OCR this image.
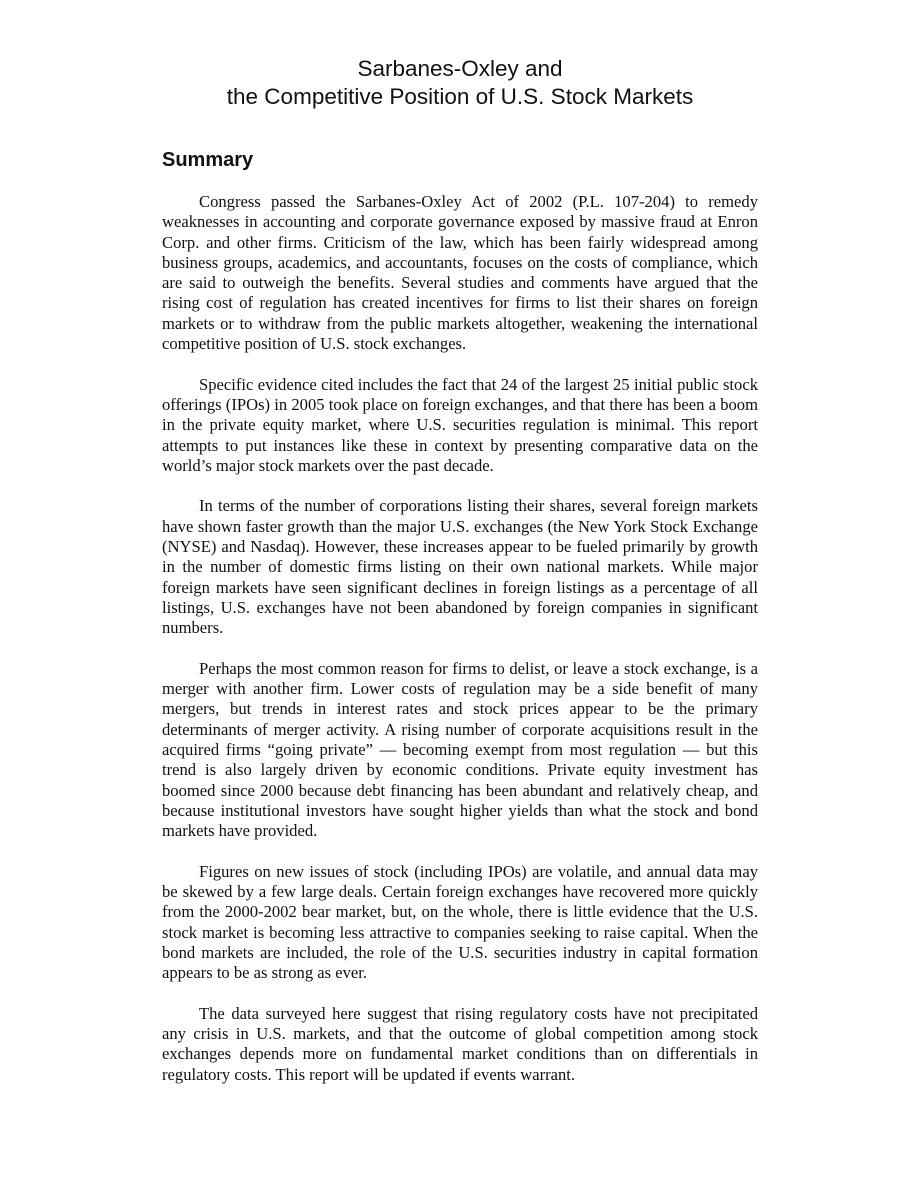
Sarbanes-Oxley and
the Competitive Position of U.S. Stock Markets
Summary

Congress passed the Sarbanes-Oxley Act of 2002 (P.L. 107-204) to remedy weaknesses in accounting and corporate governance exposed by massive fraud at Enron Corp. and other firms. Criticism of the law, which has been fairly widespread among business groups, academics, and accountants, focuses on the costs of compliance, which are said to outweigh the benefits. Several studies and comments have argued that the rising cost of regulation has created incentives for firms to list their shares on foreign markets or to withdraw from the public markets altogether, weakening the international competitive position of U.S. stock exchanges.

Specific evidence cited includes the fact that 24 of the largest 25 initial public stock offerings (IPOs) in 2005 took place on foreign exchanges, and that there has been a boom in the private equity market, where U.S. securities regulation is minimal. This report attempts to put instances like these in context by presenting comparative data on the world’s major stock markets over the past decade.

In terms of the number of corporations listing their shares, several foreign markets have shown faster growth than the major U.S. exchanges (the New York Stock Exchange (NYSE) and Nasdaq). However, these increases appear to be fueled primarily by growth in the number of domestic firms listing on their own national markets. While major foreign markets have seen significant declines in foreign listings as a percentage of all listings, U.S. exchanges have not been abandoned by foreign companies in significant numbers.

Perhaps the most common reason for firms to delist, or leave a stock exchange, is a merger with another firm. Lower costs of regulation may be a side benefit of many mergers, but trends in interest rates and stock prices appear to be the primary determinants of merger activity. A rising number of corporate acquisitions result in the acquired firms “going private” — becoming exempt from most regulation — but this trend is also largely driven by economic conditions. Private equity investment has boomed since 2000 because debt financing has been abundant and relatively cheap, and because institutional investors have sought higher yields than what the stock and bond markets have provided.

Figures on new issues of stock (including IPOs) are volatile, and annual data may be skewed by a few large deals. Certain foreign exchanges have recovered more quickly from the 2000-2002 bear market, but, on the whole, there is little evidence that the U.S. stock market is becoming less attractive to companies seeking to raise capital. When the bond markets are included, the role of the U.S. securities industry in capital formation appears to be as strong as ever.

The data surveyed here suggest that rising regulatory costs have not precipitated any crisis in U.S. markets, and that the outcome of global competition among stock exchanges depends more on fundamental market conditions than on differentials in regulatory costs. This report will be updated if events warrant.
